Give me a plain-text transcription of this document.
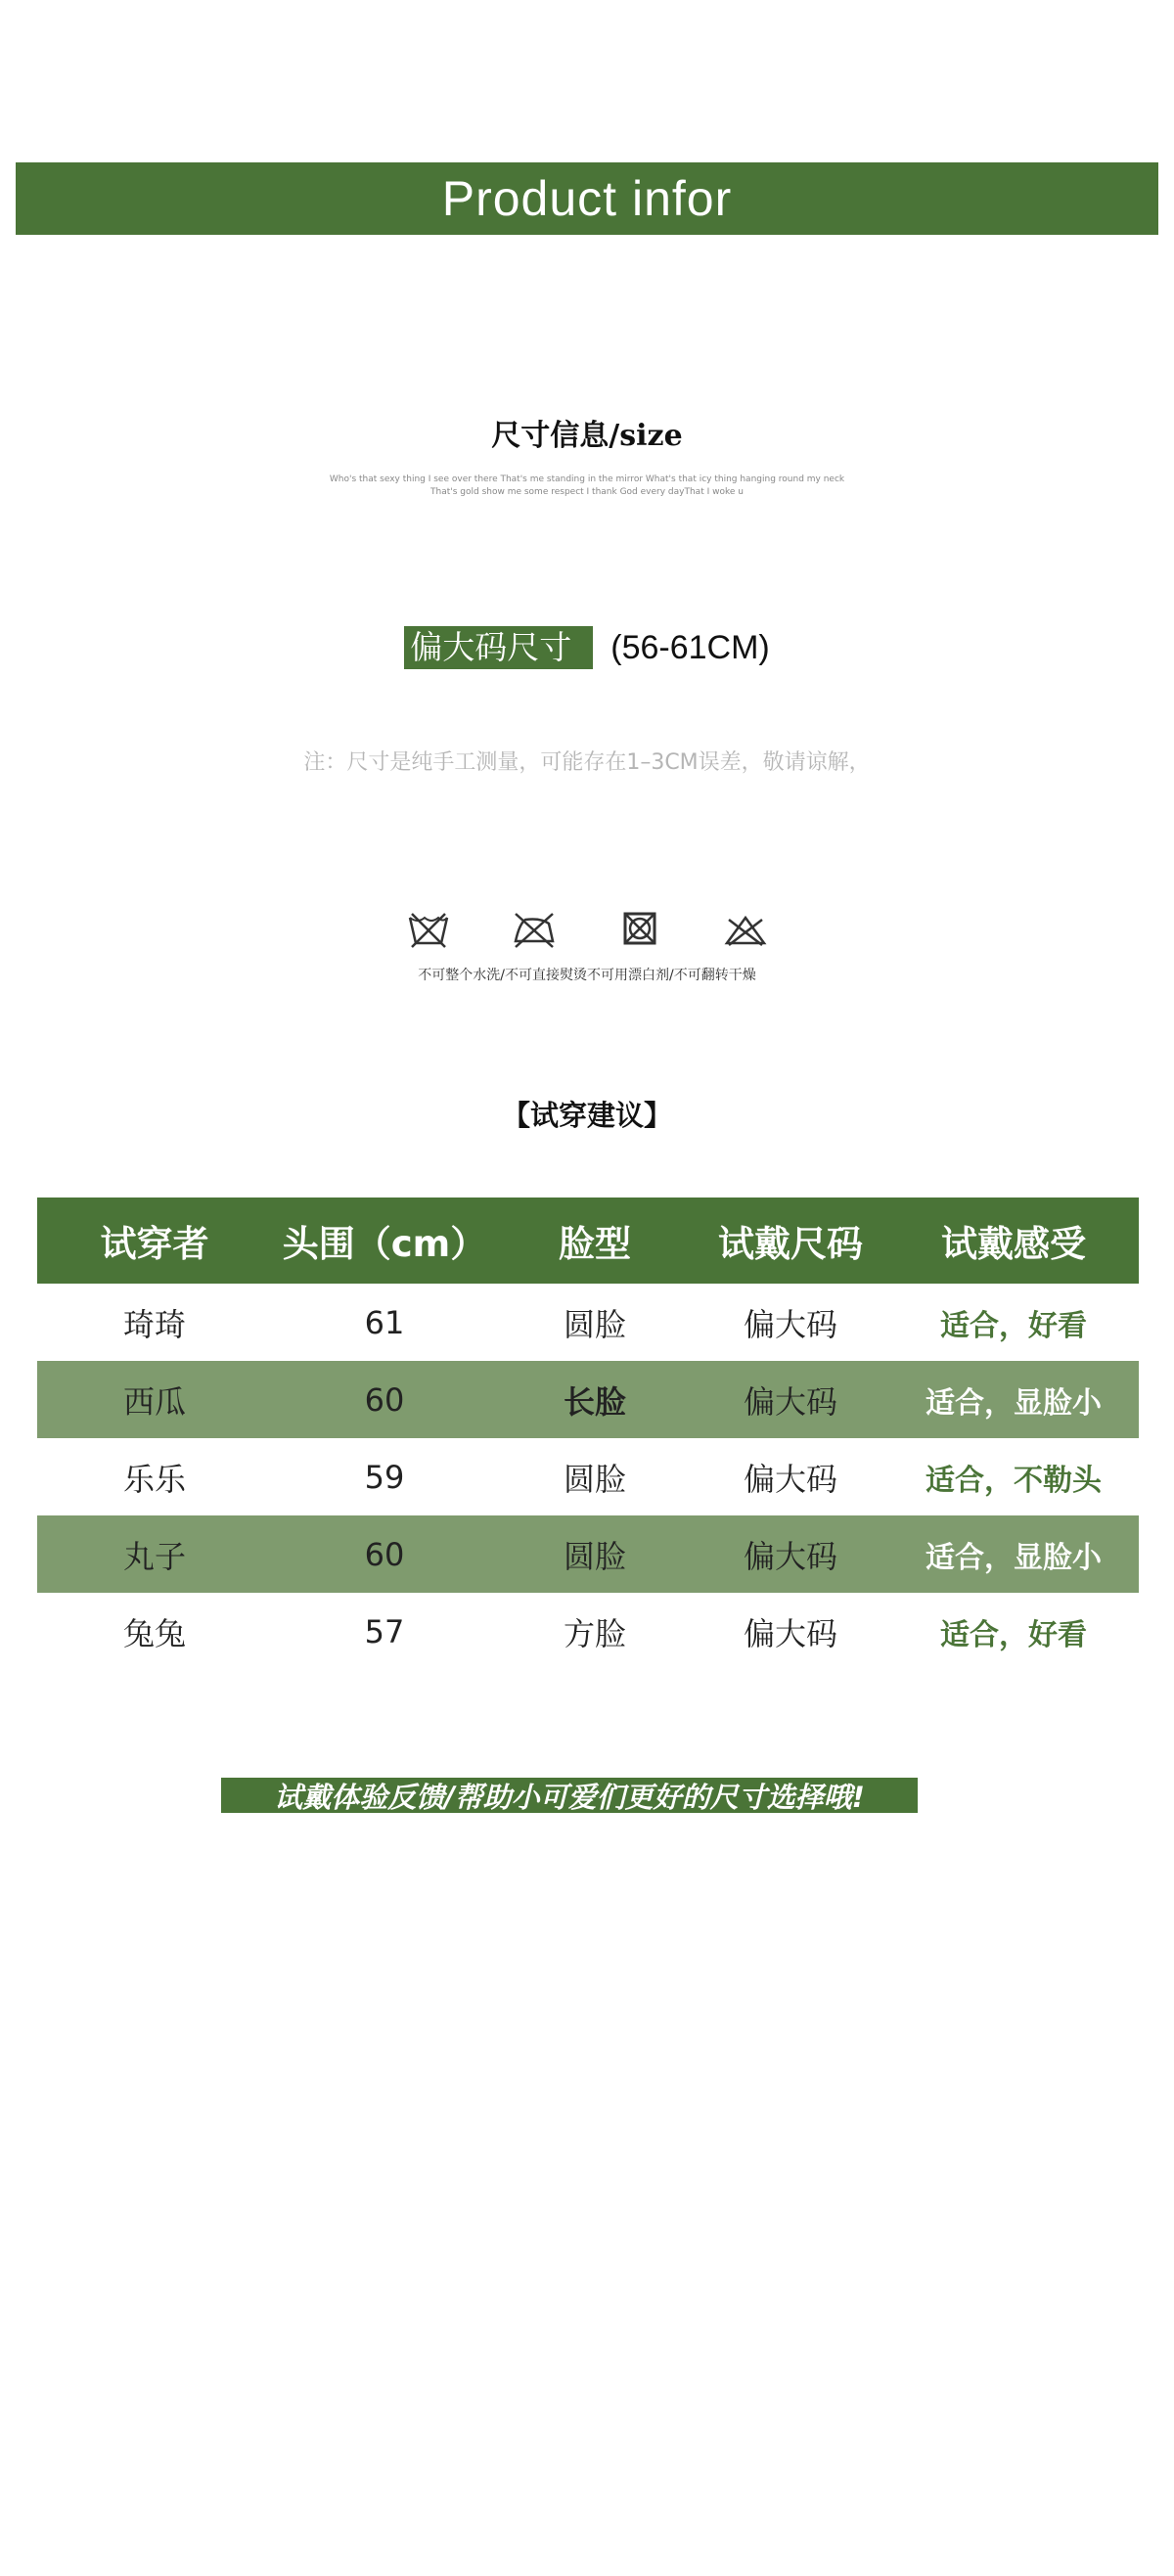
Product infor
尺寸信息/size
Who's that sexy thing I see over there That's me standing in the mirror What's that icy thing hanging round my neck
That's gold show me some respect I thank God every dayThat I woke u
偏大码尺寸	(56-61CM)
注：尺寸是纯手工测量，可能存在1–3CM误差，敬请谅解，
不可整个水洗/不可直接熨烫不可用漂白剂/不可翻转干燥
【试穿建议】
试穿者	头围（cm）	脸型	试戴尺码	试戴感受
琦琦	61	圆脸	偏大码	适合，好看
西瓜	60	长脸	偏大码	适合，显脸小
乐乐	59	圆脸	偏大码	适合，不勒头
丸子	60	圆脸	偏大码	适合，显脸小
兔兔	57	方脸	偏大码	适合，好看
试戴体验反馈/帮助小可爱们更好的尺寸选择哦!
